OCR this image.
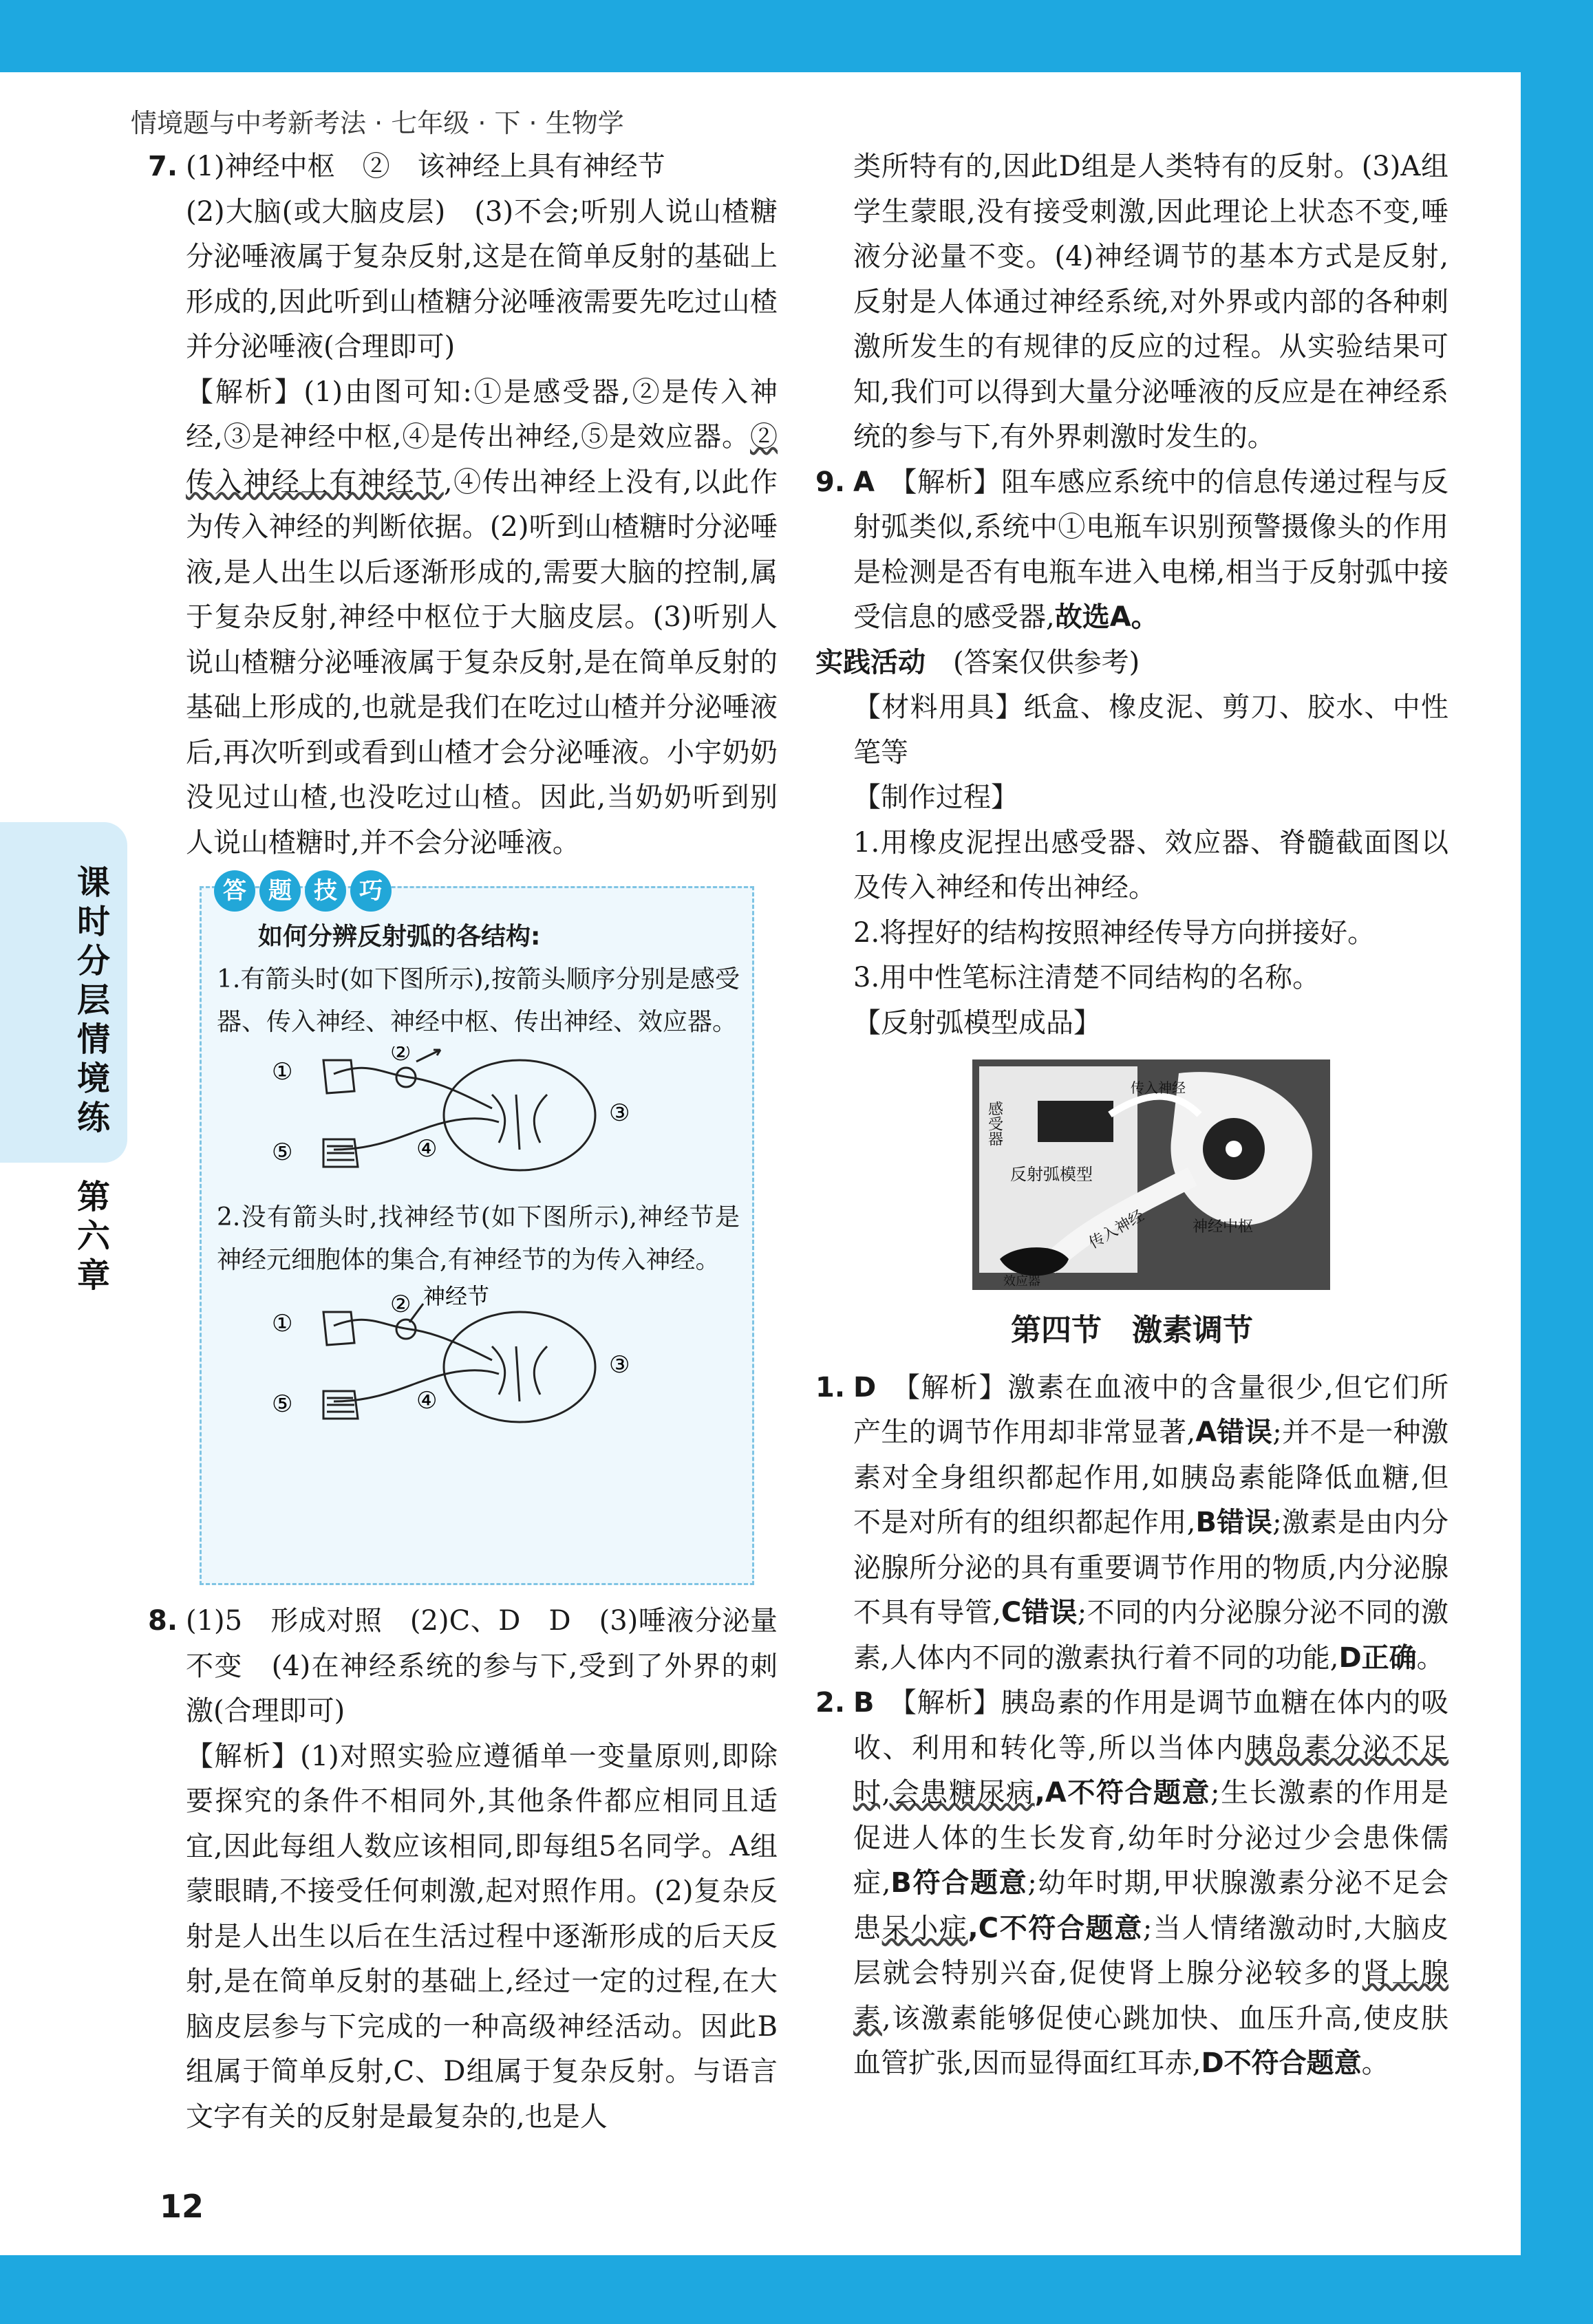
情境题与中考新考法 · 七年级 · 下 · 生物学
课时分层情境练
第六章
12

7. (1)神经中枢　②　该神经上具有神经节

(2)大脑(或大脑皮层)　(3)不会;听别人说山楂糖分泌唾液属于复杂反射,这是在简单反射的基础上形成的,因此听到山楂糖分泌唾液需要先吃过山楂并分泌唾液(合理即可)

【解析】(1)由图可知:①是感受器,②是传入神经,③是神经中枢,④是传出神经,⑤是效应器。②传入神经上有神经节,④传出神经上没有,以此作为传入神经的判断依据。(2)听到山楂糖时分泌唾液,是人出生以后逐渐形成的,需要大脑的控制,属于复杂反射,神经中枢位于大脑皮层。(3)听别人说山楂糖分泌唾液属于复杂反射,是在简单反射的基础上形成的,也就是我们在吃过山楂并分泌唾液后,再次听到或看到山楂才会分泌唾液。小宇奶奶没见过山楂,也没吃过山楂。因此,当奶奶听到别人说山楂糖时,并不会分泌唾液。

答 题 技 巧
如何分辨反射弧的各结构:

1.有箭头时(如下图所示),按箭头顺序分别是感受器、传入神经、神经中枢、传出神经、效应器。

①
②
③
④
⑤

2.没有箭头时,找神经节(如下图所示),神经节是神经元细胞体的集合,有神经节的为传入神经。

神经节
①
②
③
④
⑤

8. (1)5　形成对照　(2)C、D　D　(3)唾液分泌量不变　(4)在神经系统的参与下,受到了外界的刺激(合理即可)

【解析】(1)对照实验应遵循单一变量原则,即除要探究的条件不相同外,其他条件都应相同且适宜,因此每组人数应该相同,即每组5名同学。A组蒙眼睛,不接受任何刺激,起对照作用。(2)复杂反射是人出生以后在生活过程中逐渐形成的后天反射,是在简单反射的基础上,经过一定的过程,在大脑皮层参与下完成的一种高级神经活动。因此B组属于简单反射,C、D组属于复杂反射。与语言文字有关的反射是最复杂的,也是人

类所特有的,因此D组是人类特有的反射。(3)A组学生蒙眼,没有接受刺激,因此理论上状态不变,唾液分泌量不变。(4)神经调节的基本方式是反射,反射是人体通过神经系统,对外界或内部的各种刺激所发生的有规律的反应的过程。从实验结果可知,我们可以得到大量分泌唾液的反应是在神经系统的参与下,有外界刺激时发生的。

9. A　 【解析】阻车感应系统中的信息传递过程与反射弧类似,系统中①电瓶车识别预警摄像头的作用是检测是否有电瓶车进入电梯,相当于反射弧中接受信息的感受器,故选A。

实践活动　 (答案仅供参考)

【材料用具】纸盒、橡皮泥、剪刀、胶水、中性笔等

【制作过程】

1.用橡皮泥捏出感受器、效应器、脊髓截面图以及传入神经和传出神经。

2.将捏好的结构按照神经传导方向拼接好。

3.用中性笔标注清楚不同结构的名称。

【反射弧模型成品】

感受器
传入神经
反射弧模型
传入神经	神经中枢
效应器
第四节　激素调节

1. D　 【解析】激素在血液中的含量很少,但它们所产生的调节作用却非常显著,A错误;并不是一种激素对全身组织都起作用,如胰岛素能降低血糖,但不是对所有的组织都起作用,B错误;激素是由内分泌腺所分泌的具有重要调节作用的物质,内分泌腺不具有导管,C错误;不同的内分泌腺分泌不同的激素,人体内不同的激素执行着不同的功能,D正确。

2. B　 【解析】胰岛素的作用是调节血糖在体内的吸收、利用和转化等,所以当体内胰岛素分泌不足时,会患糖尿病,A不符合题意;生长激素的作用是促进人体的生长发育,幼年时分泌过少会患侏儒症,B符合题意;幼年时期,甲状腺激素分泌不足会患呆小症,C不符合题意;当人情绪激动时,大脑皮层就会特别兴奋,促使肾上腺分泌较多的肾上腺素,该激素能够促使心跳加快、血压升高,使皮肤血管扩张,因而显得面红耳赤,D不符合题意。
